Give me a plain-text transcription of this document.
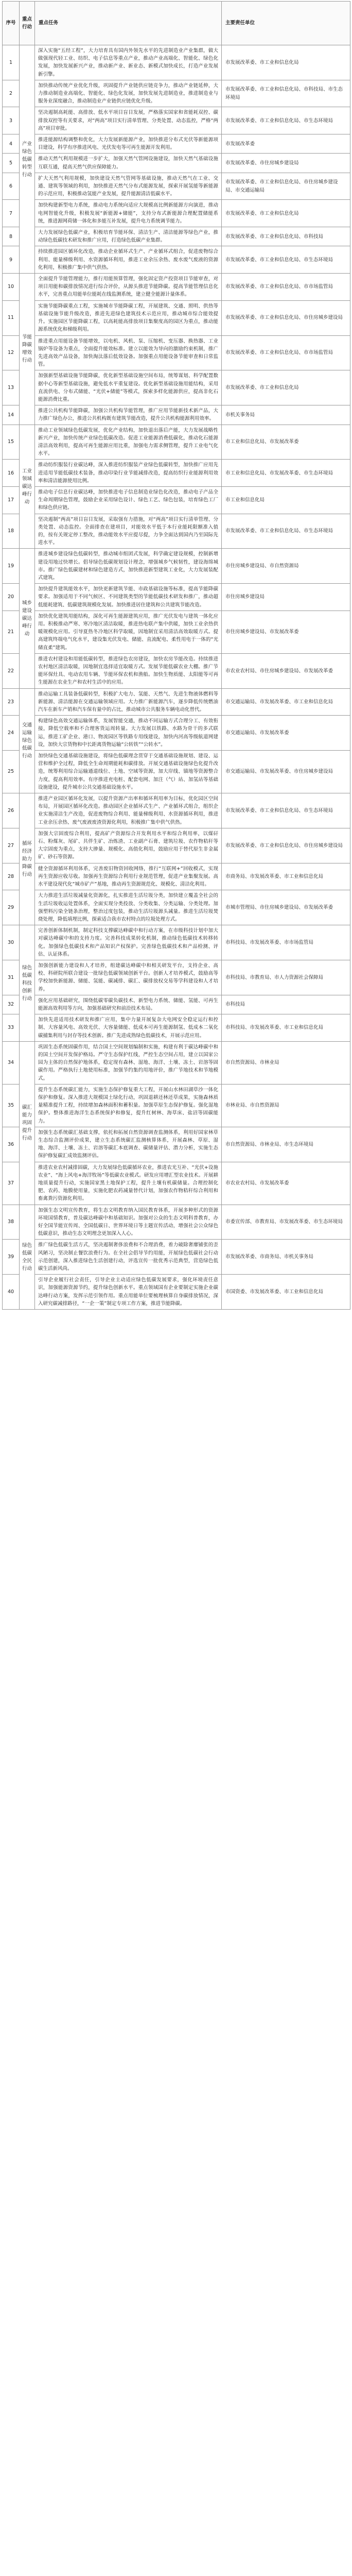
序号	重点行动	重点任务	主要责任单位
1	产业绿色低碳转型行动	深入实施“五经工程”，大力培育具有国内外领先水平的先进制造业产业集群，做大做强现代轻工业、纺织、电子信息等重点产业，推动产业高端化、智能化、绿色化发展，加快发展新兴产业，推动新产业、新业态、新模式加快成长，打造产业发展新引擎。	市发展改革委、市工业和信息化局
2		加快推动传统产业优化升级，巩固提升产业链供应链竞争力，推动产业链延伸，大力推动制造业高端化、智能化、绿色化发展，加快发展先进制造业，推进制造业与服务业深度融合，推动制造业产业链供应链优化升级。	市发展改革委、市工业和信息化局、市科技局、市生态环境局
3		坚决遏制高耗能、高排放、低水平项目盲目发展，严格落实国家和省能耗双控、碳排放双控等有关要求，对“两高”项目实行清单管理、分类处置、动态监控，严格“两高”项目审批。	市发展改革委、市工业和信息化局、市生态环境局
4		推进能源结构调整和优化，大力发展新能源产业，加快推进分布式光伏等新能源项目建设，科学有序推进风电、光伏发电等可再生能源开发利用。	市发展改革委
5		推动天然气利用规模进一步扩大，加强天然气管网设施建设，加快天然气基础设施互联互通，提高天然气供应保障能力。	市发展改革委、市住房城乡建设局
6		扩大天然气利用规模，加快建设天然气管网等基础设施，推动天然气在工业、交通、建筑等领域的利用，加快推进天然气分布式能源发展，探索开展氢能等新能源的示范应用，积极推动氢能产业发展，提升能源清洁低碳水平。	市发展改革委、市工业和信息化局、市住房城乡建设局、市交通运输局
7		加快构建新型电力系统，推动电力系统向适应大规模高比例新能源方向演进，推动电网智能化升级，积极发展“新能源+储能”，支持分布式新能源合理配置储能系统，推进源网荷储一体化和多能互补发展，提升电力系统调节能力。	市发展改革委、市工业和信息化局
8		大力发展绿色低碳产业，积极培育节能环保、清洁生产、清洁能源等绿色产业，推动绿色低碳技术研发和推广应用，打造绿色低碳产业集群。	市发展改革委、市工业和信息化局、市科技局
9		持续推进园区循环化改造，推动企业循环式生产、产业循环式组合，促进废物综合利用、能量梯级利用、水资源循环利用，推进工业余压余热、废水废气废液的资源化利用，积极推广集中供气供热。	市发展改革委、市工业和信息化局、市生态环境局
10	节能降碳增效行动	全面提升节能管理能力，推行用能预算管理，强化固定资产投资项目节能审查，对项目用能和碳排放情况进行综合评价，从源头推进节能降碳。提高节能管理信息化水平，完善重点用能单位能耗在线监测系统，建立健全能源计量体系。	市发展改革委、市工业和信息化局、市市场监管局
11		实施节能降碳重点工程，实施城市节能降碳工程，开展建筑、交通、照明、供热等基础设施节能升级改造，推进先进绿色建筑技术示范应用，推动城市综合能效提升。实施园区节能降碳工程，以高耗能高排放项目集聚度高的园区为重点，推动能源系统优化和梯级利用。	市发展改革委、市工业和信息化局、市住房城乡建设局
12		推进重点用能设备节能增效，以电机、风机、泵、压缩机、变压器、换热器、工业锅炉等设备为重点，全面提升能效标准。建立以能效为导向的激励约束机制，推广先进高效产品设备，加快淘汰落后低效设备。加强重点用能设备节能审查和日常监管。	市发展改革委、市工业和信息化局、市市场监管局
13		加强新型基础设施节能降碳，优化新型基础设施空间布局，统筹谋划、科学配置数据中心等新型基础设施，避免低水平重复建设。优化新型基础设施用能结构，采用直流供电、分布式储能、“光伏+储能”等模式，探索多样化能源供应，提高非化石能源消费比重。	市发展改革委、市工业和信息化局
14		推进公共机构节能降碳，加强公共机构节能管理，推广应用节能新技术新产品，大力推广绿色办公，推进公共机构既有建筑节能改造，提升公共机构能源利用效率。	市机关事务局
15	工业领域碳达峰行动	推动工业领域绿色低碳发展，优化产业结构，加快退出落后产能，大力发展战略性新兴产业，加快传统产业绿色低碳改造。促进工业能源消费低碳化，推动化石能源清洁高效利用，提高可再生能源应用比重，加强电力需求侧管理，提升工业电气化水平。	市工业和信息化局、市发展改革委
16		推动纺织服装行业碳达峰，深入推进纺织服装产业绿色低碳转型，加快推广应用先进适用节能低碳技术装备，推动印染行业节能减排改造，提高纺织行业能源利用效率和清洁能源使用比例。	市工业和信息化局、市发展改革委、市生态环境局
17		推动电子信息行业碳达峰，加快推进电子信息制造业绿色化改造，推动电子产品全生命周期绿色管理，鼓励企业采用绿色设计、绿色工艺、绿色包装，培育绿色工厂和绿色供应链。	市工业和信息化局
18		坚决遏制“两高”项目盲目发展，采取强有力措施，对“两高”项目实行清单管理、分类处置、动态监控。全面排查在建项目，对能效水平低于本行业能耗限额准入值的，按有关规定停工整改，推动能效水平应提尽提，力争全面达到国内乃至国际先进水平。	市发展改革委、市工业和信息化局、市生态环境局
19	城乡建设碳达峰行动	推进城乡建设绿色低碳转型，推动城市组团式发展，科学确定建设规模，控制新增建设用地过快增长。倡导绿色低碳规划设计理念，增强城乡气候韧性，建设海绵城市。推广绿色低碳建材和绿色建造方式，加快推进新型建筑工业化，大力发展装配式建筑。	市住房城乡建设局、市自然资源局
20		加快提升建筑能效水平，加快更新建筑节能、市政基础设施等标准，提高节能降碳要求。加强适用于不同气候区、不同建筑类型的节能低碳技术研发和推广，推动超低能耗建筑、低碳建筑规模化发展。加快推进居住建筑和公共建筑节能改造。	市住房城乡建设局
21		加快优化建筑用能结构，深化可再生能源建筑应用，推广光伏发电与建筑一体化应用。积极推动严寒、寒冷地区清洁取暖，推进热电联产集中供暖，加快工业余热供暖规模化应用。引导夏热冬冷地区科学取暖，因地制宜采用清洁高效取暖方式。提高建筑终端电气化水平，建设集光伏发电、储能、直流配电、柔性用电于一体的“光储直柔”建筑。	市住房城乡建设局、市发展改革委
22		推进农村建设和用能低碳转型，推进绿色农房建设，加快农房节能改造。持续推进农村地区清洁取暖，因地制宜选择适宜取暖方式。发展节能低碳农业大棚。推广节能环保灶具、电动农用车辆、节能环保农机和渔船。加快生物质能、太阳能等可再生能源在农业生产和农村生活中的应用。	市农业农村局、市住房城乡建设局、市发展改革委
23	交通运输绿色低碳行动	推动运输工具装备低碳转型，积极扩大电力、氢能、天然气、先进生物液体燃料等新能源、清洁能源在交通运输领域应用。大力推广新能源汽车，逐步降低传统燃油汽车在新车产销和汽车保有量中的占比，推动城市公共服务车辆电动化替代。	市交通运输局、市发展改革委、市工业和信息化局
24		构建绿色高效交通运输体系，发展智能交通，推动不同运输方式合理分工、有效衔接，降低空载率和不合理客货运周转量。大力发展以铁路、水路为骨干的多式联运，推进工矿企业、港口、物流园区等铁路专用线建设，加快内河高等级航道网建设，加快大宗货物和中长距离货物运输“公转铁”“公转水”。	市交通运输局、市发展改革委
25		加快绿色交通基础设施建设，将绿色低碳理念贯穿于交通基础设施规划、建设、运营和维护全过程，降低全生命周期能耗和碳排放。开展交通基础设施绿色化提升改造，统筹利用综合运输通道线位、土地、空域等资源，加大岸线、锚地等资源整合力度，提高利用效率。有序推进充电桩、配套电网、加注（气）站、加氢站等基础设施建设，提升城市公共交通基础设施水平。	市交通运输局、市发展改革委、市住房城乡建设局
26	循环经济助力降碳行动	推进产业园区循环化发展，以提升资源产出率和循环利用率为目标，优化园区空间布局，开展园区循环化改造。推动园区企业循环式生产、产业循环式组合，组织企业实施清洁生产改造，促进废物综合利用、能量梯级利用、水资源循环利用，推进工业余压余热、废气废液废渣资源化利用，积极推广集中供气供热。	市发展改革委、市工业和信息化局、市生态环境局
27		加强大宗固废综合利用，提高矿产资源综合开发利用水平和综合利用率，以煤矸石、粉煤灰、尾矿、共伴生矿、冶炼渣、工业副产石膏、建筑垃圾、农作物秸秆等大宗固废为重点，支持大掺量、规模化、高值化利用，鼓励应用于替代原生非金属矿、砂石等资源。	市发展改革委、市工业和信息化局、市住房城乡建设局
28		健全资源循环利用体系，完善废旧物资回收网络，推行“互联网+”回收模式，实现再生资源应收尽收。加强再生资源综合利用行业规范管理，促进产业集聚发展。高水平建设现代化“城市矿产”基地，推动再生资源规范化、规模化、清洁化利用。	市商务局、市发展改革委、市工业和信息化局
29		大力推进生活垃圾减量化资源化，扎实推进生活垃圾分类，加快建立覆盖全社会的生活垃圾收运处置体系，全面实现分类投放、分类收集、分类运输、分类处理。加强塑料污染全链条治理，整治过度包装，推动生活垃圾源头减量。推进生活垃圾焚烧处理，降低填埋比例，探索适合我市农村特点的垃圾处理方式。	市城市管理局、市住房城乡建设局、市发展改革委
30	绿色低碳科技创新行动	完善创新体制机制，制定科技支撑碳达峰碳中和行动方案，在市级科技计划中加大对碳达峰碳中和的支持力度。完善科技成果转化机制，推动绿色低碳技术转移转化。加强绿色低碳技术和产品知识产权保护。完善绿色低碳技术和产品检测、评估、认证体系。	市科技局、市发展改革委、市市场监管局
31		加强创新能力建设和人才培养，组建碳达峰碳中和相关研发平台，支持企业、高校、科研院所联合建设一批绿色低碳领域创新平台。创新人才培养模式，鼓励高等学校加快新能源、储能、氢能、碳减排、碳汇、碳排放权交易等学科建设和人才培养。	市科技局、市教育局、市人力资源社会保障局
32		强化应用基础研究，围绕低碳零碳负碳技术、新型电力系统、储能、氢能、可再生能源高效利用等方向，加强基础研究和前沿技术布局。	市科技局
33		加快先进适用技术研发和推广应用，集中力量开展复杂大电网安全稳定运行和控制、大容量风电、高效光伏、大容量储能、低成本可再生能源制氢、低成本二氧化碳捕集利用与封存等技术创新。推广先进成熟绿色低碳技术，开展示范应用。	市科技局、市发展改革委、市工业和信息化局
34	碳汇能力巩固提升行动	巩固生态系统固碳作用，结合国土空间规划编制和实施，构建有利于碳达峰碳中和的国土空间开发保护格局。严守生态保护红线，严控生态空间占用，建立以国家公园为主体的自然保护地体系，稳定现有森林、湿地、海洋、土壤、冻土、岩溶等固碳作用。严格执行土地使用标准，加强节约集约用地评价，推广节地技术和节地模式。	市自然资源局、市林业局
35		提升生态系统碳汇能力，实施生态保护修复重大工程，开展山水林田湖草沙一体化保护和修复。深入推进大规模国土绿化行动，巩固退耕还林还草成果，实施森林质量精准提升工程，持续增加森林面积和蓄积量。加强草原生态保护修复。强化湿地保护。整体推进海洋生态系统保护和修复，提升红树林、海草床、盐沼等固碳能力。	市林业局、市自然资源局
36		加强生态系统碳汇基础支撑，依托和拓展自然资源调查监测体系，利用好国家林草生态综合监测评价成果，建立生态系统碳汇监测核算体系，开展森林、草原、湿地、海洋、土壤、冻土、岩溶等碳汇本底调查、碳储量评估、潜力分析，实施生态保护修复碳汇成效监测评估。	市自然资源局、市林业局、市生态环境局
37		推进农业农村减排固碳，大力发展绿色低碳循环农业，推进农光互补、“光伏+设施农业”、“海上风电+海洋牧场”等低碳农业模式。研发应用增汇型农业技术。开展耕地质量提升行动，实施国家黑土地保护工程，提升土壤有机碳储量。合理控制化肥、农药、地膜使用量，实施化肥农药减量替代计划，加强农作物秸秆综合利用和畜禽粪污资源化利用。	市农业农村局、市发展改革委
38	绿色低碳全民行动	加强生态文明宣传教育，将生态文明教育纳入国民教育体系，开展多种形式的资源环境国情教育，普及碳达峰碳中和基础知识。加强对公众的生态文明科普教育，办好全国节能宣传周、全国低碳日、世界环境日等主题宣传活动，增强社会公众绿色低碳意识，推动生态文明理念更加深入人心。	市委宣传部、市教育局、市发展改革委、市生态环境局
39		推广绿色低碳生活方式，坚决遏制奢侈浪费和不合理消费，着力破除奢靡铺张的歪风陋习，坚决制止餐饮浪费行为。在全社会倡导节约用能，开展绿色低碳社会行动示范创建，深入推进绿色生活创建行动，评选宣传一批优秀示范典型，营造绿色低碳生活新风尚。	市发展改革委、市商务局、市机关事务局
40		引导企业履行社会责任，引导企业主动适应绿色低碳发展要求，强化环境责任意识，加强能源资源节约，提升绿色创新水平。重点领域国有企业要制定实施企业碳达峰行动方案，发挥示范引领作用。重点用能单位要梳理核算自身碳排放情况，深入研究碳减排路径，“一企一策”制定专项工作方案，推进节能降碳。	市国资委、市发展改革委、市工业和信息化局
